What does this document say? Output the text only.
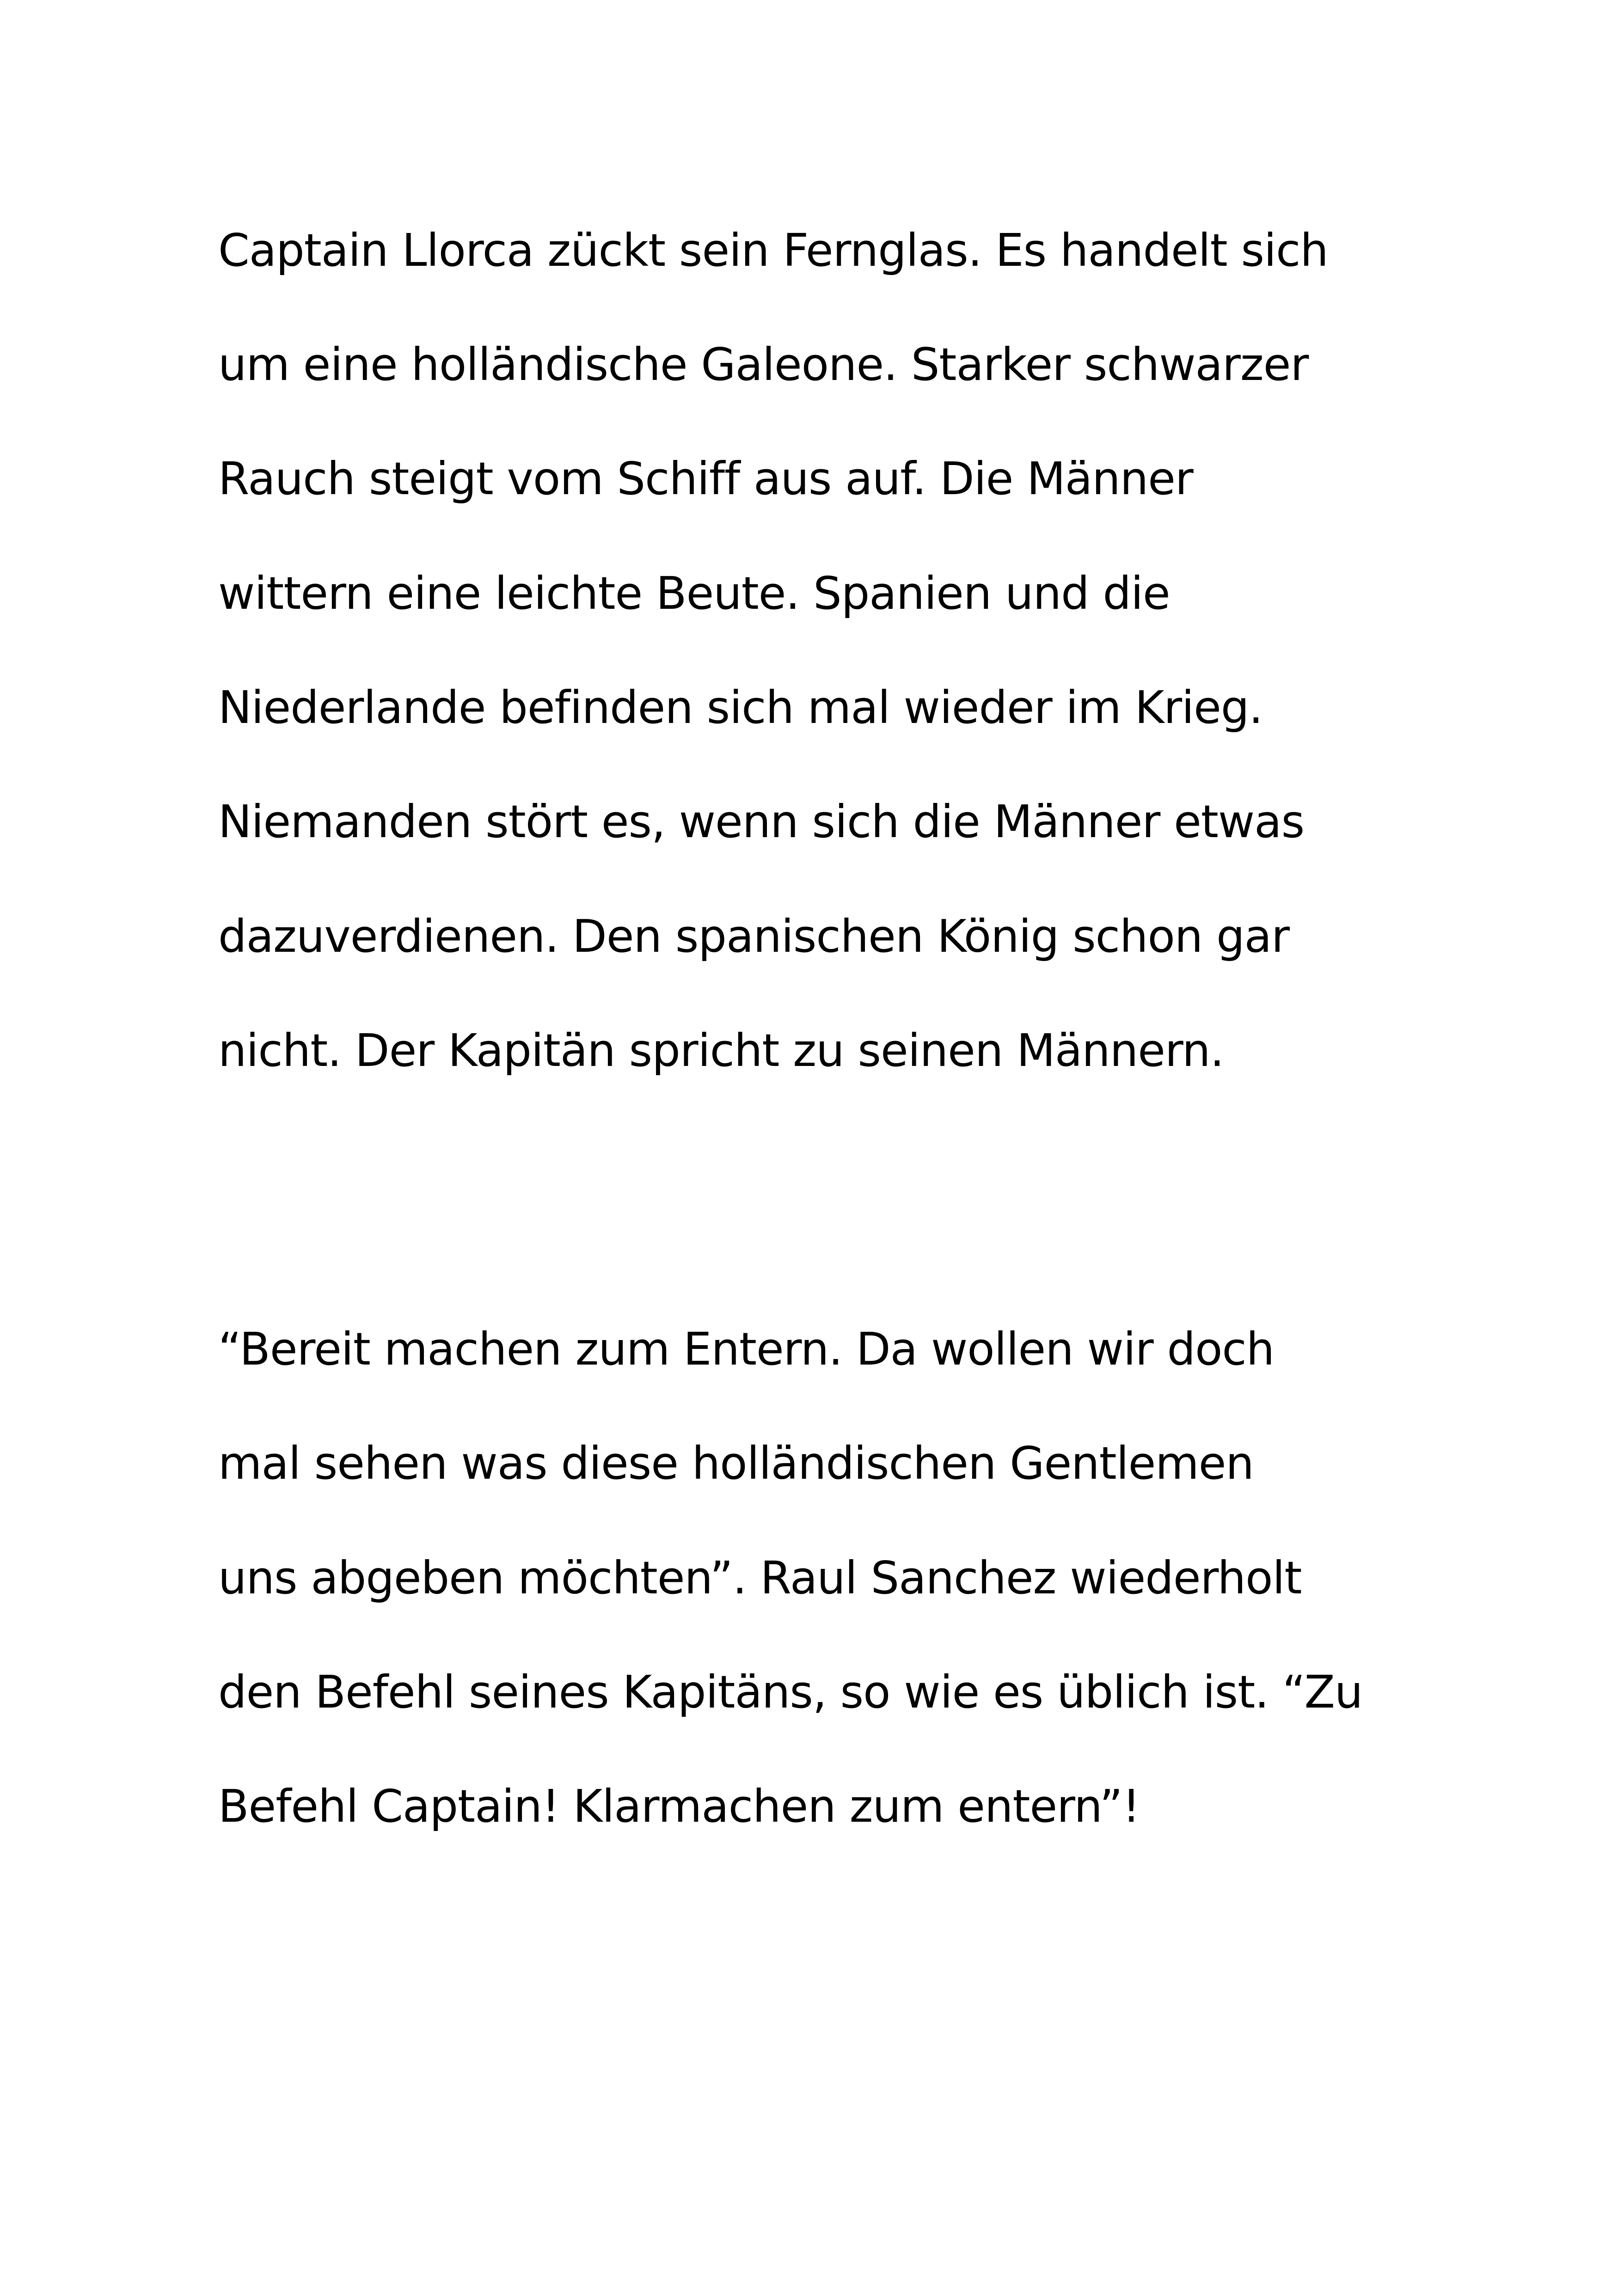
Captain Llorca zückt sein Fernglas. Es handelt sich
um eine holländische Galeone. Starker schwarzer
Rauch steigt vom Schiff aus auf. Die Männer
wittern eine leichte Beute. Spanien und die
Niederlande befinden sich mal wieder im Krieg.
Niemanden stört es, wenn sich die Männer etwas
dazuverdienen. Den spanischen König schon gar
nicht. Der Kapitän spricht zu seinen Männern.
“Bereit machen zum Entern. Da wollen wir doch
mal sehen was diese holländischen Gentlemen
uns abgeben möchten”. Raul Sanchez wiederholt
den Befehl seines Kapitäns, so wie es üblich ist. “Zu
Befehl Captain! Klarmachen zum entern”!
